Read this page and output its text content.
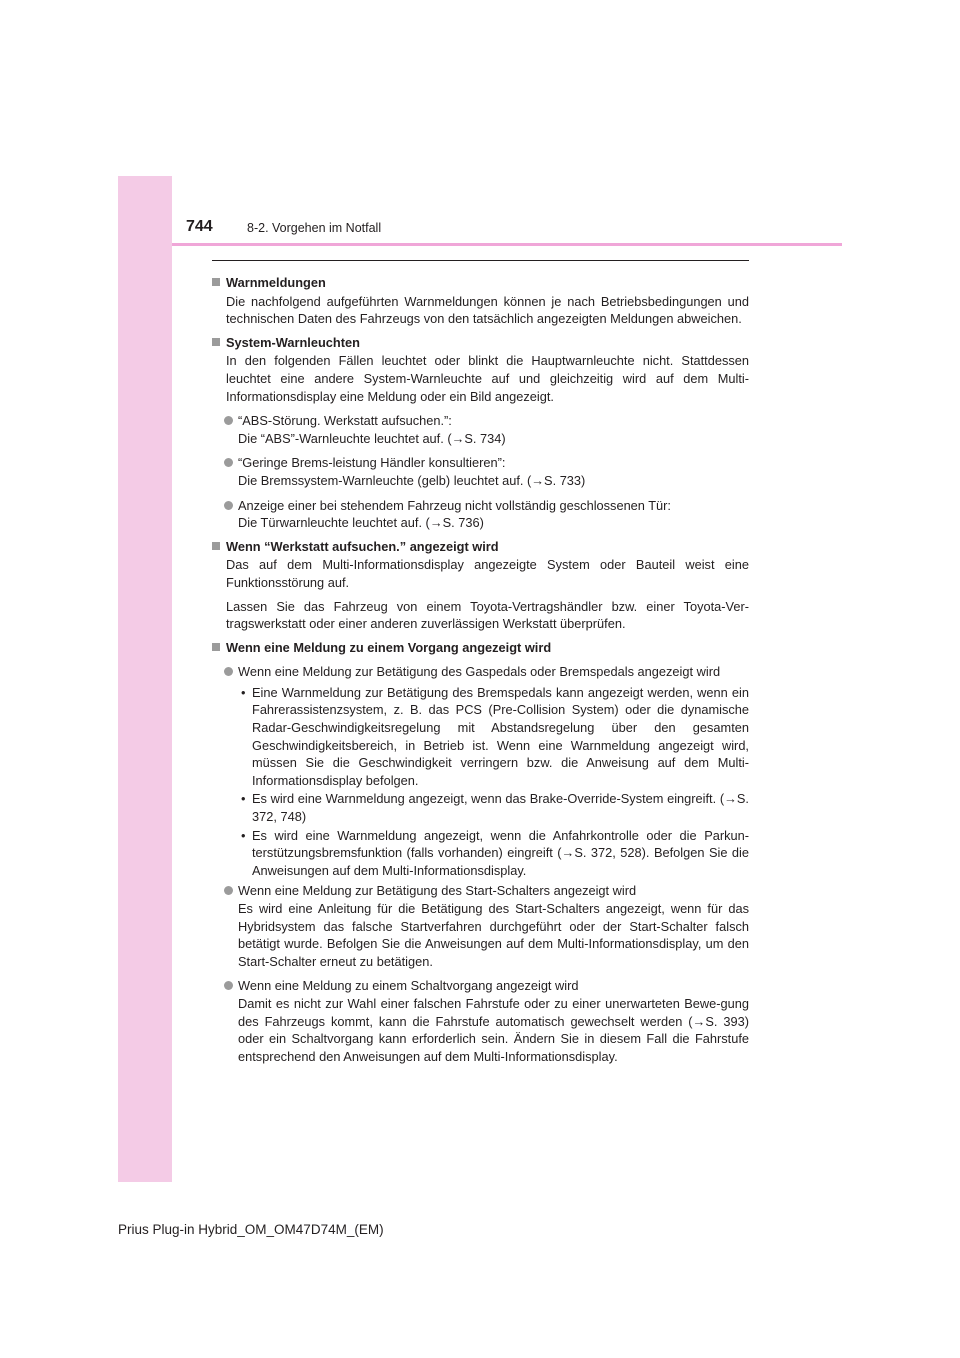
744	8-2. Vorgehen im Notfall
Warnmeldungen
Die nachfolgend aufgeführten Warnmeldungen können je nach Betriebsbedingungen und technischen Daten des Fahrzeugs von den tatsächlich angezeigten Meldungen abweichen.
System-Warnleuchten
In den folgenden Fällen leuchtet oder blinkt die Hauptwarnleuchte nicht. Stattdessen leuchtet eine andere System-Warnleuchte auf und gleichzeitig wird auf dem Multi-Informationsdisplay eine Meldung oder ein Bild angezeigt.
“ABS-Störung. Werkstatt aufsuchen.”:
Die “ABS”-Warnleuchte leuchtet auf. (→S. 734)
“Geringe Brems-leistung Händler konsultieren”:
Die Bremssystem-Warnleuchte (gelb) leuchtet auf. (→S. 733)
Anzeige einer bei stehendem Fahrzeug nicht vollständig geschlossenen Tür:
Die Türwarnleuchte leuchtet auf. (→S. 736)
Wenn “Werkstatt aufsuchen.” angezeigt wird
Das auf dem Multi-Informationsdisplay angezeigte System oder Bauteil weist eine Funktionsstörung auf.
Lassen Sie das Fahrzeug von einem Toyota-Vertragshändler bzw. einer Toyota-Ver-tragswerkstatt oder einer anderen zuverlässigen Werkstatt überprüfen.
Wenn eine Meldung zu einem Vorgang angezeigt wird
Wenn eine Meldung zur Betätigung des Gaspedals oder Bremspedals angezeigt wird
• Eine Warnmeldung zur Betätigung des Bremspedals kann angezeigt werden, wenn ein Fahrerassistenzsystem, z. B. das PCS (Pre-Collision System) oder die dynamische Radar-Geschwindigkeitsregelung mit Abstandsregelung über den gesamten Geschwindigkeitsbereich, in Betrieb ist. Wenn eine Warnmeldung angezeigt wird, müssen Sie die Geschwindigkeit verringern bzw. die Anweisung auf dem Multi-Informationsdisplay befolgen.
• Es wird eine Warnmeldung angezeigt, wenn das Brake-Override-System eingreift. (→S. 372, 748)
• Es wird eine Warnmeldung angezeigt, wenn die Anfahrkontrolle oder die Parkun-terstützungsbremsfunktion (falls vorhanden) eingreift (→S. 372, 528). Befolgen Sie die Anweisungen auf dem Multi-Informationsdisplay.
Wenn eine Meldung zur Betätigung des Start-Schalters angezeigt wird
Es wird eine Anleitung für die Betätigung des Start-Schalters angezeigt, wenn für das Hybridsystem das falsche Startverfahren durchgeführt oder der Start-Schalter falsch betätigt wurde. Befolgen Sie die Anweisungen auf dem Multi-Informationsdisplay, um den Start-Schalter erneut zu betätigen.
Wenn eine Meldung zu einem Schaltvorgang angezeigt wird
Damit es nicht zur Wahl einer falschen Fahrstufe oder zu einer unerwarteten Bewe-gung des Fahrzeugs kommt, kann die Fahrstufe automatisch gewechselt werden (→S. 393) oder ein Schaltvorgang kann erforderlich sein. Ändern Sie in diesem Fall die Fahrstufe entsprechend den Anweisungen auf dem Multi-Informationsdisplay.
Prius Plug-in Hybrid_OM_OM47D74M_(EM)
